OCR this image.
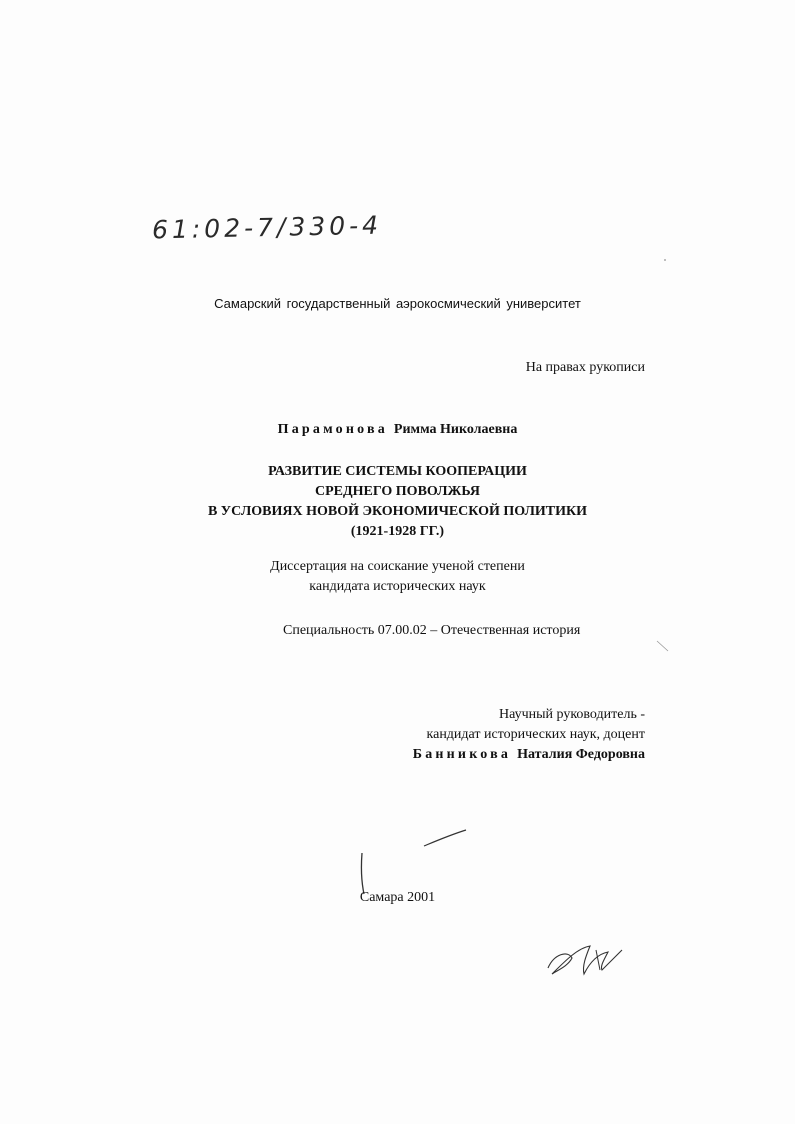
61:02-7/330-4
Самарский государственный аэрокосмический университет
На правах рукописи
Парамонова Римма Николаевна
РАЗВИТИЕ СИСТЕМЫ КООПЕРАЦИИ
СРЕДНЕГО ПОВОЛЖЬЯ
В УСЛОВИЯХ НОВОЙ ЭКОНОМИЧЕСКОЙ ПОЛИТИКИ
(1921-1928 ГГ.)
Диссертация на соискание ученой степени
кандидата исторических наук
Специальность 07.00.02 – Отечественная история
Научный руководитель -
кандидат исторических наук, доцент
Банникова Наталия Федоровна
Самара 2001
